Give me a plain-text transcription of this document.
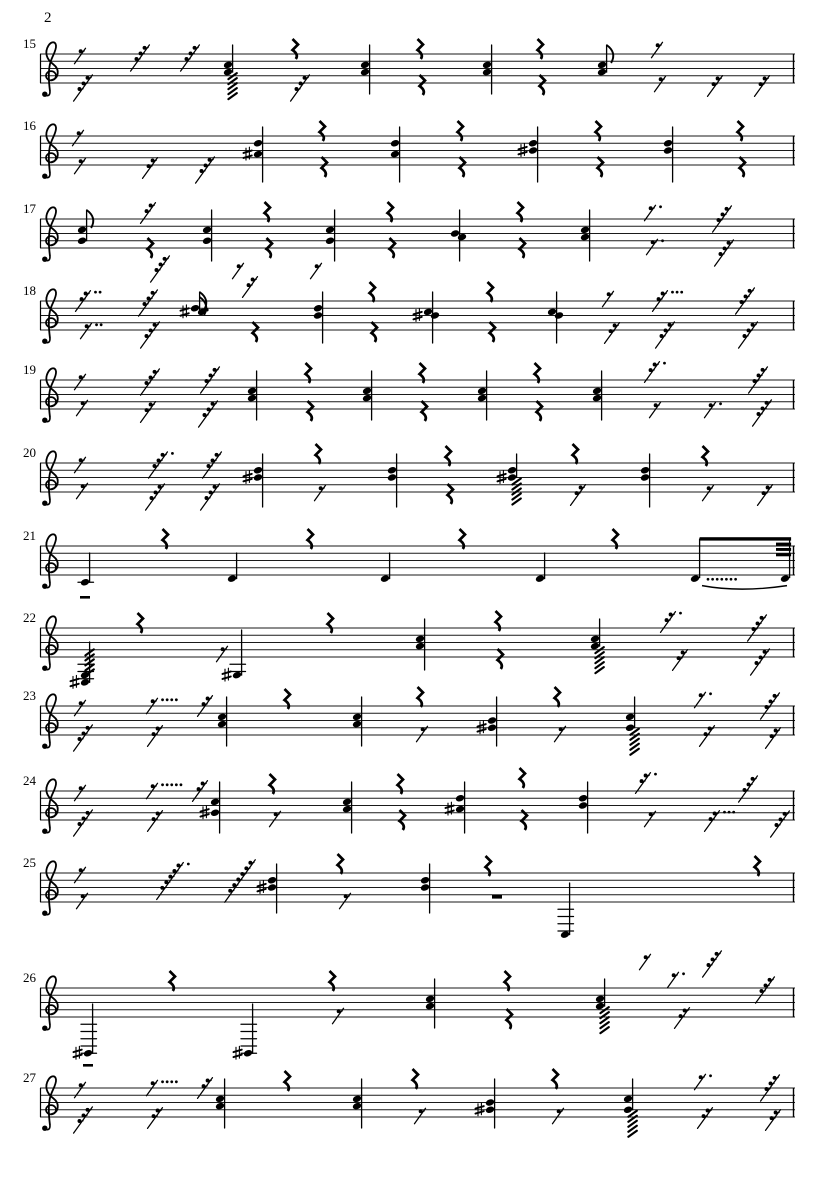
2
15
16
17
18
19
20
21
22
23
24
25
26
27
